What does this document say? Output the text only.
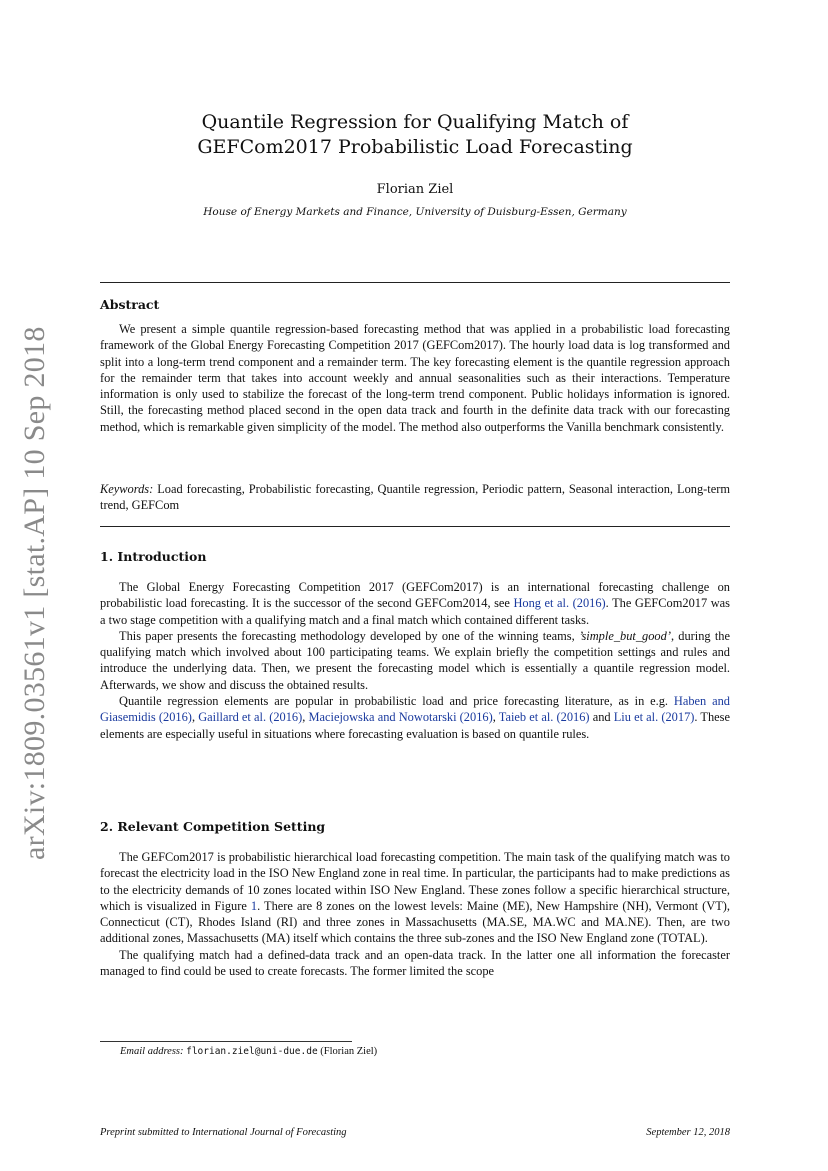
arXiv:1809.03561v1 [stat.AP] 10 Sep 2018
Quantile Regression for Qualifying Match of
GEFCom2017 Probabilistic Load Forecasting
Florian Ziel
House of Energy Markets and Finance, University of Duisburg-Essen, Germany
Abstract

We present a simple quantile regression-based forecasting method that was applied in a probabilistic load forecasting framework of the Global Energy Forecasting Competition 2017 (GEFCom2017). The hourly load data is log transformed and split into a long-term trend component and a remainder term. The key forecasting element is the quantile regression approach for the remainder term that takes into account weekly and annual seasonalities such as their interactions. Temperature information is only used to stabilize the forecast of the long-term trend component. Public holidays information is ignored. Still, the forecasting method placed second in the open data track and fourth in the definite data track with our forecasting method, which is remarkable given simplicity of the model. The method also outperforms the Vanilla benchmark consistently.

Keywords: Load forecasting, Probabilistic forecasting, Quantile regression, Periodic pattern, Seasonal interaction, Long-term trend, GEFCom
1. Introduction

The Global Energy Forecasting Competition 2017 (GEFCom2017) is an international forecasting challenge on probabilistic load forecasting. It is the successor of the second GEFCom2014, see Hong et al. (2016). The GEFCom2017 was a two stage competition with a qualifying match and a final match which contained different tasks.

This paper presents the forecasting methodology developed by one of the winning teams, ’simple_but_good’, during the qualifying match which involved about 100 participating teams. We explain briefly the competition settings and rules and introduce the underlying data. Then, we present the forecasting model which is essentially a quantile regression model. Afterwards, we show and discuss the obtained results.

Quantile regression elements are popular in probabilistic load and price forecasting literature, as in e.g. Haben and Giasemidis (2016), Gaillard et al. (2016), Maciejowska and Nowotarski (2016), Taieb et al. (2016) and Liu et al. (2017). These elements are especially useful in situations where forecasting evaluation is based on quantile rules.

2. Relevant Competition Setting

The GEFCom2017 is probabilistic hierarchical load forecasting competition. The main task of the qualifying match was to forecast the electricity load in the ISO New England zone in real time. In particular, the participants had to make predictions as to the electricity demands of 10 zones located within ISO New England. These zones follow a specific hierarchical structure, which is visualized in Figure 1. There are 8 zones on the lowest levels: Maine (ME), New Hampshire (NH), Vermont (VT), Connecticut (CT), Rhodes Island (RI) and three zones in Massachusetts (MA.SE, MA.WC and MA.NE). Then, are two additional zones, Massachusetts (MA) itself which contains the three sub-zones and the ISO New England zone (TOTAL).

The qualifying match had a defined-data track and an open-data track. In the latter one all information the forecaster managed to find could be used to create forecasts. The former limited the scope

Email address: florian.ziel@uni-due.de (Florian Ziel)
Preprint submitted to International Journal of Forecasting	September 12, 2018
